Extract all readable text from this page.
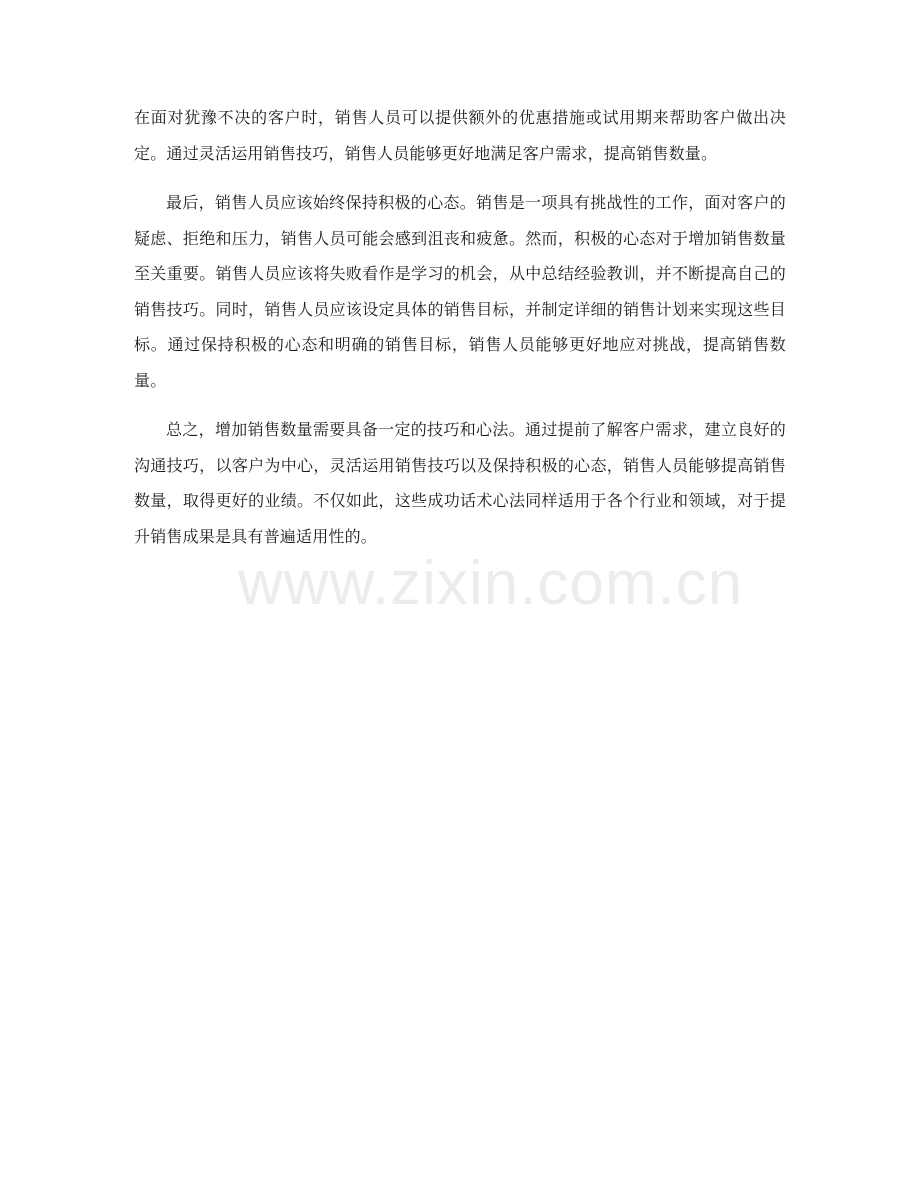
在面对犹豫不决的客户时，销售人员可以提供额外的优惠措施或试用期来帮助客户做出决定。通过灵活运用销售技巧，销售人员能够更好地满足客户需求，提高销售数量。

最后，销售人员应该始终保持积极的心态。销售是一项具有挑战性的工作，面对客户的疑虑、拒绝和压力，销售人员可能会感到沮丧和疲惫。然而，积极的心态对于增加销售数量至关重要。销售人员应该将失败看作是学习的机会，从中总结经验教训，并不断提高自己的销售技巧。同时，销售人员应该设定具体的销售目标，并制定详细的销售计划来实现这些目标。通过保持积极的心态和明确的销售目标，销售人员能够更好地应对挑战，提高销售数量。

总之，增加销售数量需要具备一定的技巧和心法。通过提前了解客户需求，建立良好的沟通技巧，以客户为中心，灵活运用销售技巧以及保持积极的心态，销售人员能够提高销售数量，取得更好的业绩。不仅如此，这些成功话术心法同样适用于各个行业和领域，对于提升销售成果是具有普遍适用性的。

www.zixin.com.cn
